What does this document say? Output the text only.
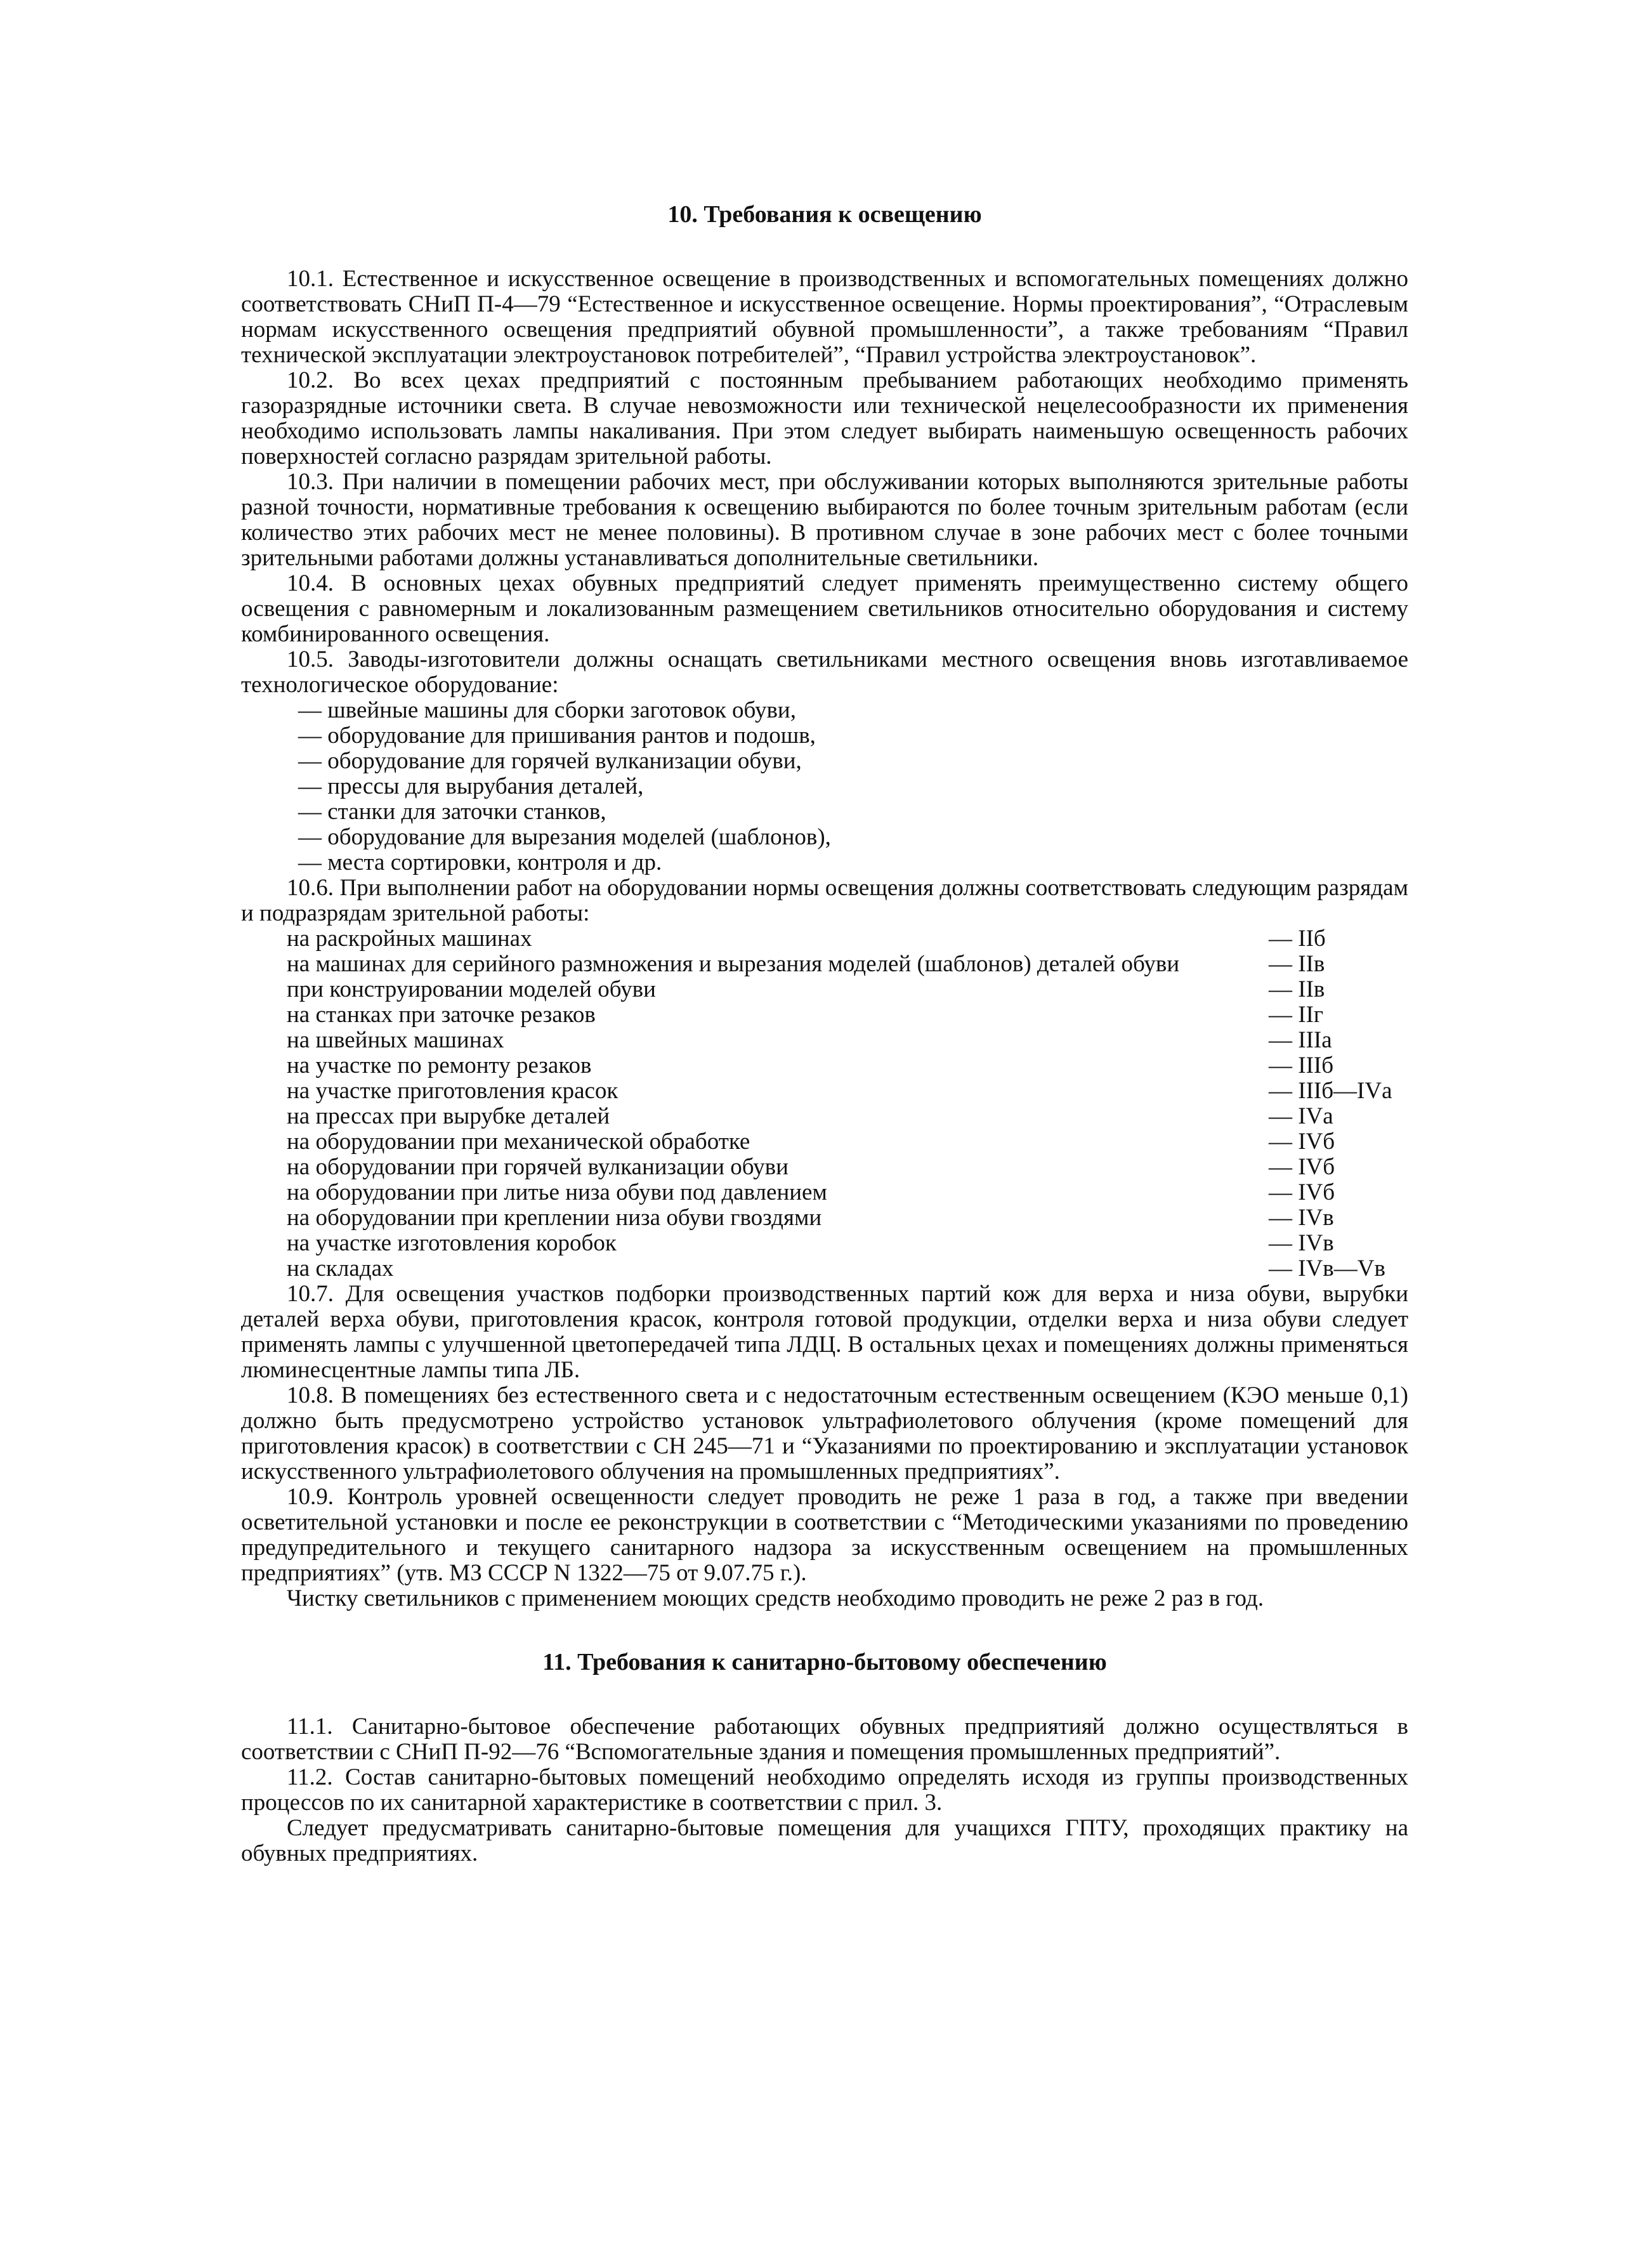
10. Требования к освещению

10.1. Естественное и искусственное освещение в производственных и вспомогательных помещениях должно соответствовать СНиП П-4—79 “Естественное и искусственное освещение. Нормы проектирования”, “Отраслевым нормам искусственного освещения предприятий обувной промышленности”, а также требованиям “Правил технической эксплуатации электроустановок потребителей”, “Правил устройства электроустановок”.

10.2. Во всех цехах предприятий с постоянным пребыванием работающих необходимо применять газоразрядные источники света. В случае невозможности или технической нецелесообразности их применения необходимо использовать лампы накаливания. При этом следует выбирать наименьшую освещенность рабочих поверхностей согласно разрядам зрительной работы.

10.3. При наличии в помещении рабочих мест, при обслуживании которых выполняются зрительные работы разной точности, нормативные требования к освещению выбираются по более точным зрительным работам (если количество этих рабочих мест не менее половины). В противном случае в зоне рабочих мест с более точными зрительными работами должны устанавливаться дополнительные светильники.

10.4. В основных цехах обувных предприятий следует применять преимущественно систему общего освещения с равномерным и локализованным размещением светильников относительно оборудования и систему комбинированного освещения.

10.5. Заводы-изготовители должны оснащать светильниками местного освещения вновь изготавливаемое технологическое оборудование:

— швейные машины для сборки заготовок обуви,
— оборудование для пришивания рантов и подошв,
— оборудование для горячей вулканизации обуви,
— прессы для вырубания деталей,
— станки для заточки станков,
— оборудование для вырезания моделей (шаблонов),
— места сортировки, контроля и др.

10.6. При выполнении работ на оборудовании нормы освещения должны соответствовать следующим разрядам и подразрядам зрительной работы:

на раскройных машинах	— IIб
на машинах для серийного размножения и вырезания моделей (шаблонов) деталей обуви	— IIв
при конструировании моделей обуви	— IIв
на станках при заточке резаков	— IIг
на швейных машинах	— IIIа
на участке по ремонту резаков	— IIIб
на участке приготовления красок	— IIIб—IVа
на прессах при вырубке деталей	— IVа
на оборудовании при механической обработке	— IVб
на оборудовании при горячей вулканизации обуви	— IVб
на оборудовании при литье низа обуви под давлением	— IVб
на оборудовании при креплении низа обуви гвоздями	— IVв
на участке изготовления коробок	— IVв
на складах	— IVв—Vв

10.7. Для освещения участков подборки производственных партий кож для верха и низа обуви, вырубки деталей верха обуви, приготовления красок, контроля готовой продукции, отделки верха и низа обуви следует применять лампы с улучшенной цветопередачей типа ЛДЦ. В остальных цехах и помещениях должны применяться люминесцентные лампы типа ЛБ.

10.8. В помещениях без естественного света и с недостаточным естественным освещением (КЭО меньше 0,1) должно быть предусмотрено устройство установок ультрафиолетового облучения (кроме помещений для приготовления красок) в соответствии с СН 245—71 и “Указаниями по проектированию и эксплуатации установок искусственного ультрафиолетового облучения на промышленных предприятиях”.

10.9. Контроль уровней освещенности следует проводить не реже 1 раза в год, а также при введении осветительной установки и после ее реконструкции в соответствии с “Методическими указаниями по проведению предупредительного и текущего санитарного надзора за искусственным освещением на промышленных предприятиях” (утв. МЗ СССР N 1322—75 от 9.07.75 г.).

Чистку светильников с применением моющих средств необходимо проводить не реже 2 раз в год.

11. Требования к санитарно-бытовому обеспечению

11.1. Санитарно-бытовое обеспечение работающих обувных предприятияй должно осуществляться в соответствии с СНиП П-92—76 “Вспомогательные здания и помещения промышленных предприятий”.

11.2. Состав санитарно-бытовых помещений необходимо определять исходя из группы производственных процессов по их санитарной характеристике в соответствии с прил. 3.

Следует предусматривать санитарно-бытовые помещения для учащихся ГПТУ, проходящих практику на обувных предприятиях.
